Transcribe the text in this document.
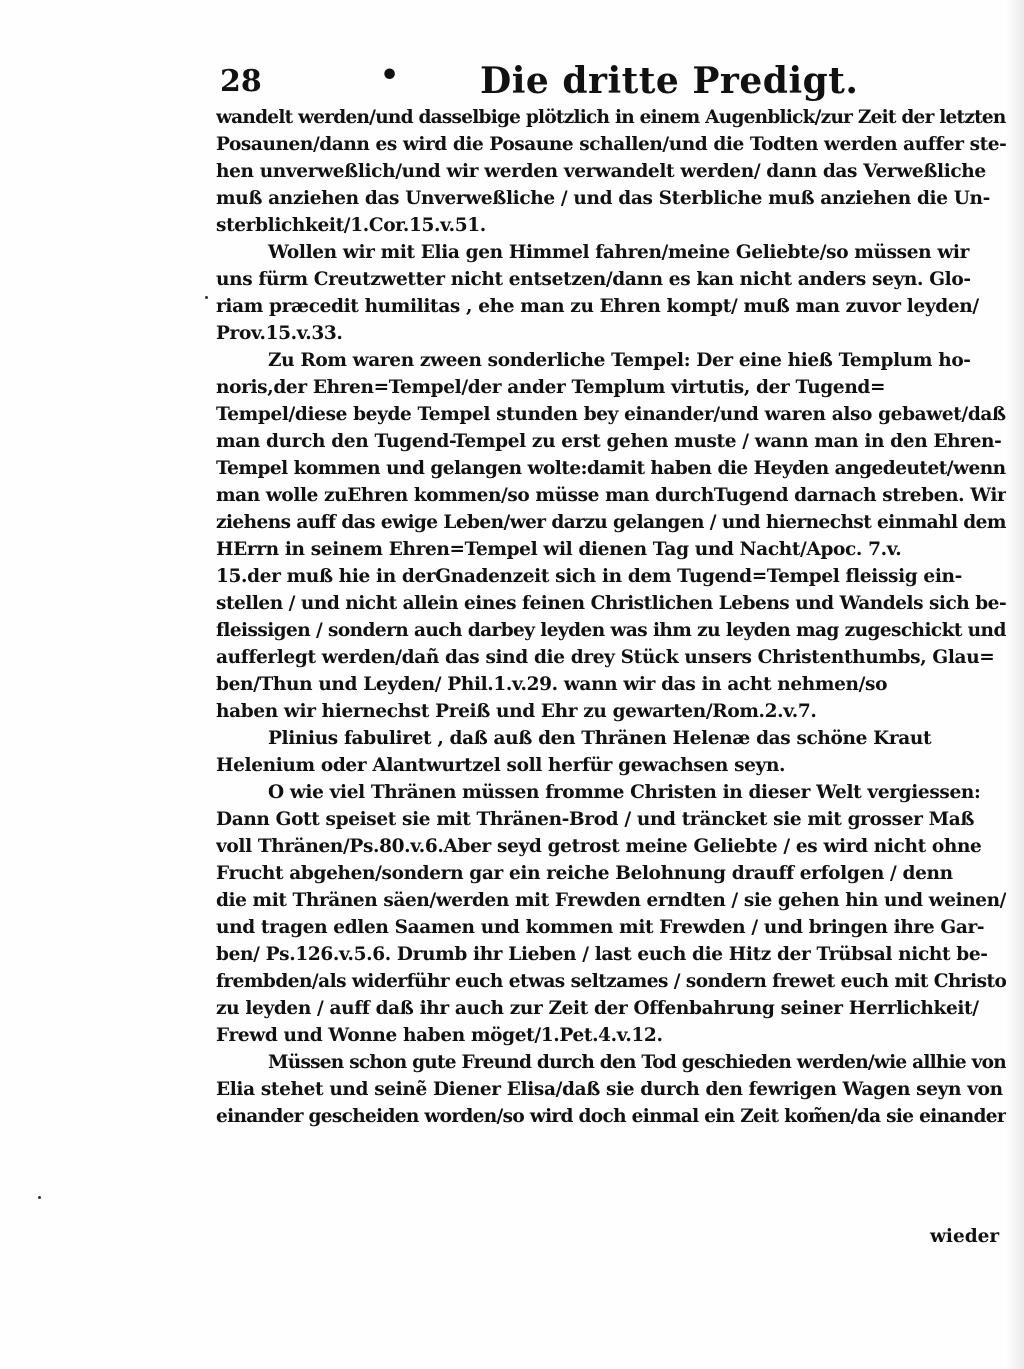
28	• Die dritte Predigt.
wandelt werden/und dasselbige plötzlich in einem Augenblick/zur Zeit der letzten
Posaunen/dann es wird die Posaune schallen/und die Todten werden auffer ste-
hen unverweßlich/und wir werden verwandelt werden/ dann das Verweßliche
muß anziehen das Unverweßliche / und das Sterbliche muß anziehen die Un-
sterblichkeit/1.Cor.15.v.51.
Wollen wir mit Elia gen Himmel fahren/meine Geliebte/so müssen wir
uns fürm Creutzwetter nicht entsetzen/dann es kan nicht anders seyn. Glo-
riam præcedit humilitas , ehe man zu Ehren kompt/ muß man zuvor leyden/
Prov.15.v.33.
Zu Rom waren zween sonderliche Tempel: Der eine hieß Templum ho-
noris,der Ehren=Tempel/der ander Templum virtutis, der Tugend=
Tempel/diese beyde Tempel stunden bey einander/und waren also gebawet/daß
man durch den Tugend-Tempel zu erst gehen muste / wann man in den Ehren-
Tempel kommen und gelangen wolte:damit haben die Heyden angedeutet/wenn
man wolle zuEhren kommen/so müsse man durchTugend darnach streben. Wir
ziehens auff das ewige Leben/wer darzu gelangen / und hiernechst einmahl dem
HErrn in seinem Ehren=Tempel wil dienen Tag und Nacht/Apoc. 7.v.
15.der muß hie in derGnadenzeit sich in dem Tugend=Tempel fleissig ein-
stellen / und nicht allein eines feinen Christlichen Lebens und Wandels sich be-
fleissigen / sondern auch darbey leyden was ihm zu leyden mag zugeschickt und
aufferlegt werden/dañ das sind die drey Stück unsers Christenthumbs, Glau=
ben/Thun und Leyden/ Phil.1.v.29. wann wir das in acht nehmen/so
haben wir hiernechst Preiß und Ehr zu gewarten/Rom.2.v.7.
Plinius fabuliret , daß auß den Thränen Helenæ das schöne Kraut
Helenium oder Alantwurtzel soll herfür gewachsen seyn.
O wie viel Thränen müssen fromme Christen in dieser Welt vergiessen:
Dann Gott speiset sie mit Thränen-Brod / und träncket sie mit grosser Maß
voll Thränen/Ps.80.v.6.Aber seyd getrost meine Geliebte / es wird nicht ohne
Frucht abgehen/sondern gar ein reiche Belohnung drauff erfolgen / denn
die mit Thränen säen/werden mit Frewden erndten / sie gehen hin und weinen/
und tragen edlen Saamen und kommen mit Frewden / und bringen ihre Gar-
ben/ Ps.126.v.5.6. Drumb ihr Lieben / last euch die Hitz der Trübsal nicht be-
frembden/als widerführ euch etwas seltzames / sondern frewet euch mit Christo
zu leyden / auff daß ihr auch zur Zeit der Offenbahrung seiner Herrlichkeit/
Frewd und Wonne haben möget/1.Pet.4.v.12.
Müssen schon gute Freund durch den Tod geschieden werden/wie allhie von
Elia stehet und seinẽ Diener Elisa/daß sie durch den fewrigen Wagen seyn von
einander gescheiden worden/so wird doch einmal ein Zeit kom̃en/da sie einander
wieder
